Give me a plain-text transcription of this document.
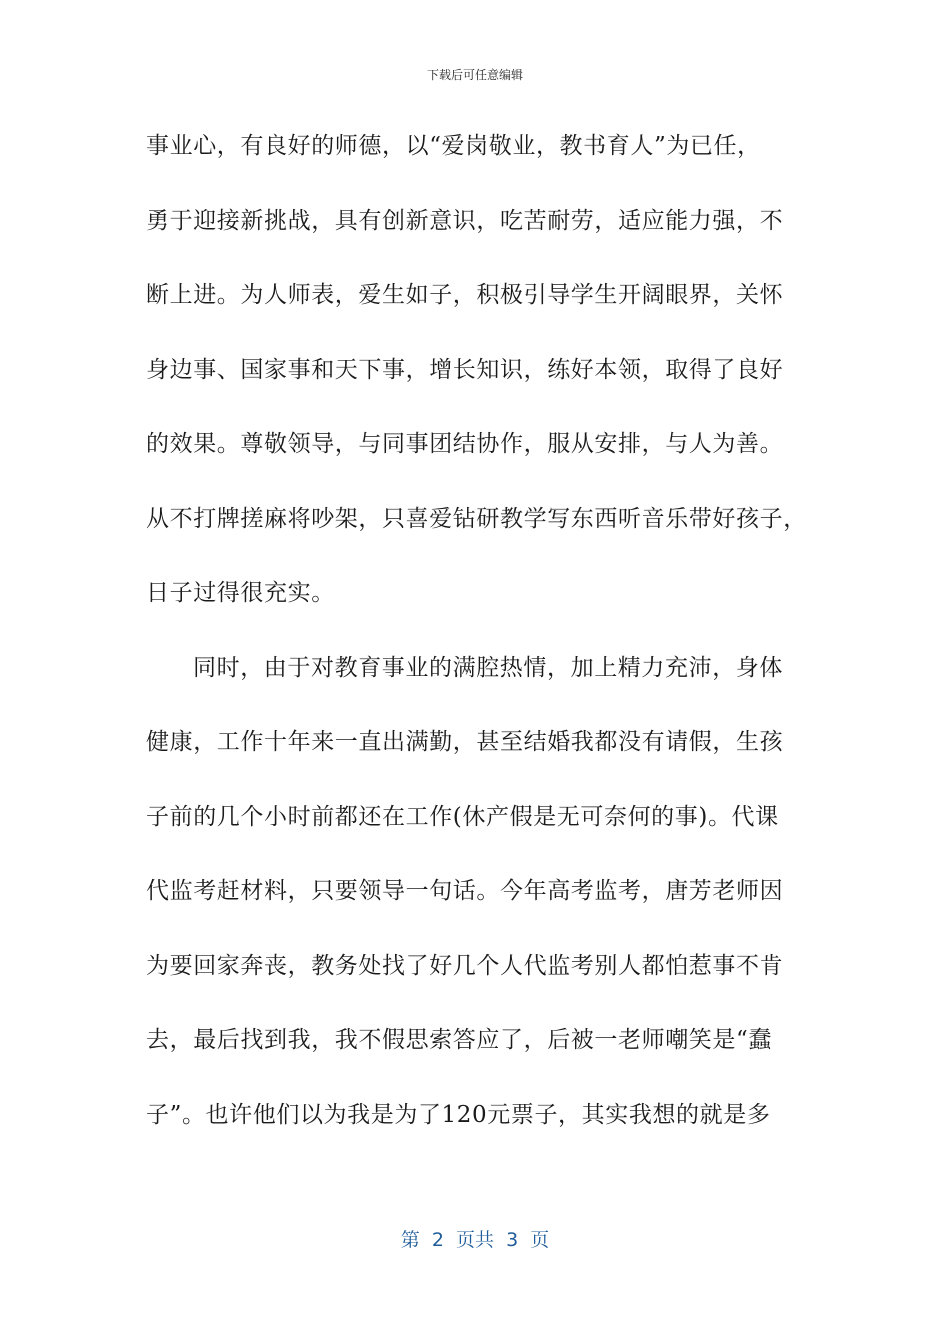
下载后可任意编辑
事业心，有良好的师德，以“爱岗敬业，教书育人”为已任，
勇于迎接新挑战，具有创新意识，吃苦耐劳，适应能力强，不
断上进。为人师表，爱生如子，积极引导学生开阔眼界，关怀
身边事、国家事和天下事，增长知识，练好本领，取得了良好
的效果。尊敬领导，与同事团结协作，服从安排，与人为善。
从不打牌搓麻将吵架，只喜爱钻研教学写东西听音乐带好孩子，
日子过得很充实。
同时，由于对教育事业的满腔热情，加上精力充沛，身体
健康，工作十年来一直出满勤，甚至结婚我都没有请假，生孩
子前的几个小时前都还在工作(休产假是无可奈何的事)。代课
代监考赶材料，只要领导一句话。今年高考监考，唐芳老师因
为要回家奔丧，教务处找了好几个人代监考别人都怕惹事不肯
去，最后找到我，我不假思索答应了，后被一老师嘲笑是“蠢
子”。也许他们以为我是为了120元票子，其实我想的就是多
第  2  页共  3  页
